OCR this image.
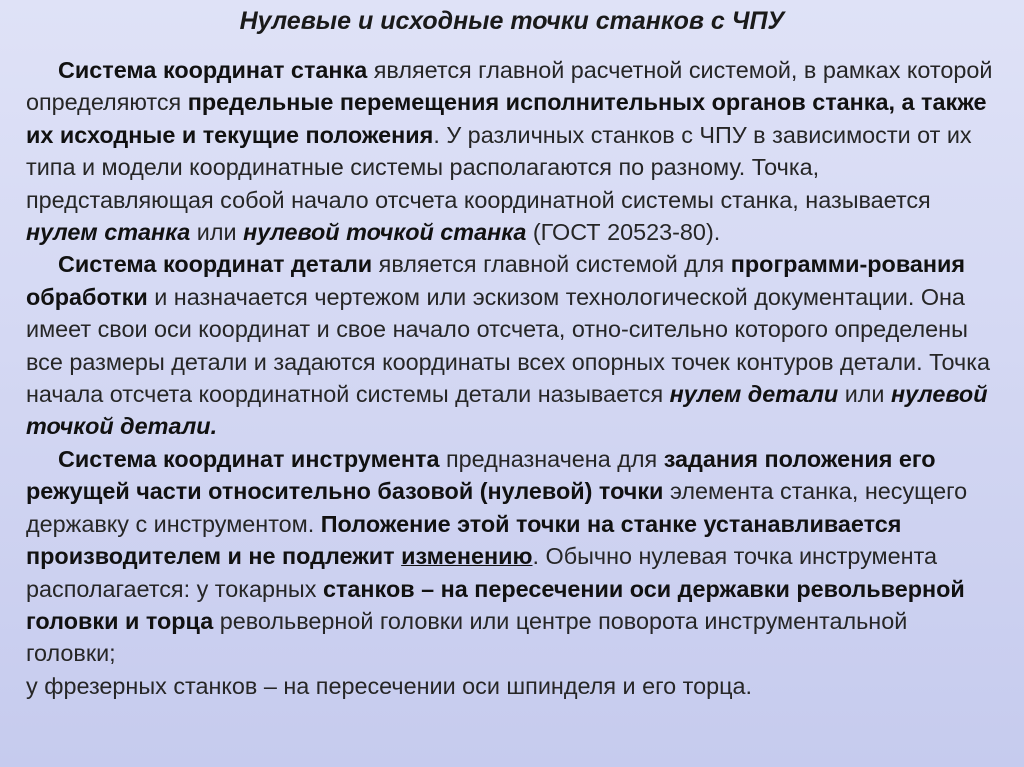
Нулевые и исходные точки станков с ЧПУ

Система координат станка является главной расчетной системой, в рамках которой определяются предельные перемещения исполнительных органов станка, а также их исходные и текущие положения. У различных станков с ЧПУ в зависимости от их типа и модели координатные системы располагаются по разному. Точка, представляющая собой начало отсчета координатной системы станка, называется нулем станка или нулевой точкой станка (ГОСТ 20523-80).

Система координат детали является главной системой для программи-рования обработки и назначается чертежом или эскизом технологической документации. Она имеет свои оси координат и свое начало отсчета, отно-сительно которого определены все размеры детали и задаются координаты всех опорных точек контуров детали. Точка начала отсчета координатной системы детали называется нулем детали или нулевой точкой детали.

Система координат инструмента предназначена для задания положения его режущей части относительно базовой (нулевой) точки элемента станка, несущего державку с инструментом. Положение этой точки на станке устанавливается производителем и не подлежит изменению. Обычно нулевая точка инструмента располагается: у токарных станков – на пересечении оси державки револьверной головки и торца револьверной головки или центре поворота инструментальной головки;
у фрезерных станков – на пересечении оси шпинделя и его торца.
